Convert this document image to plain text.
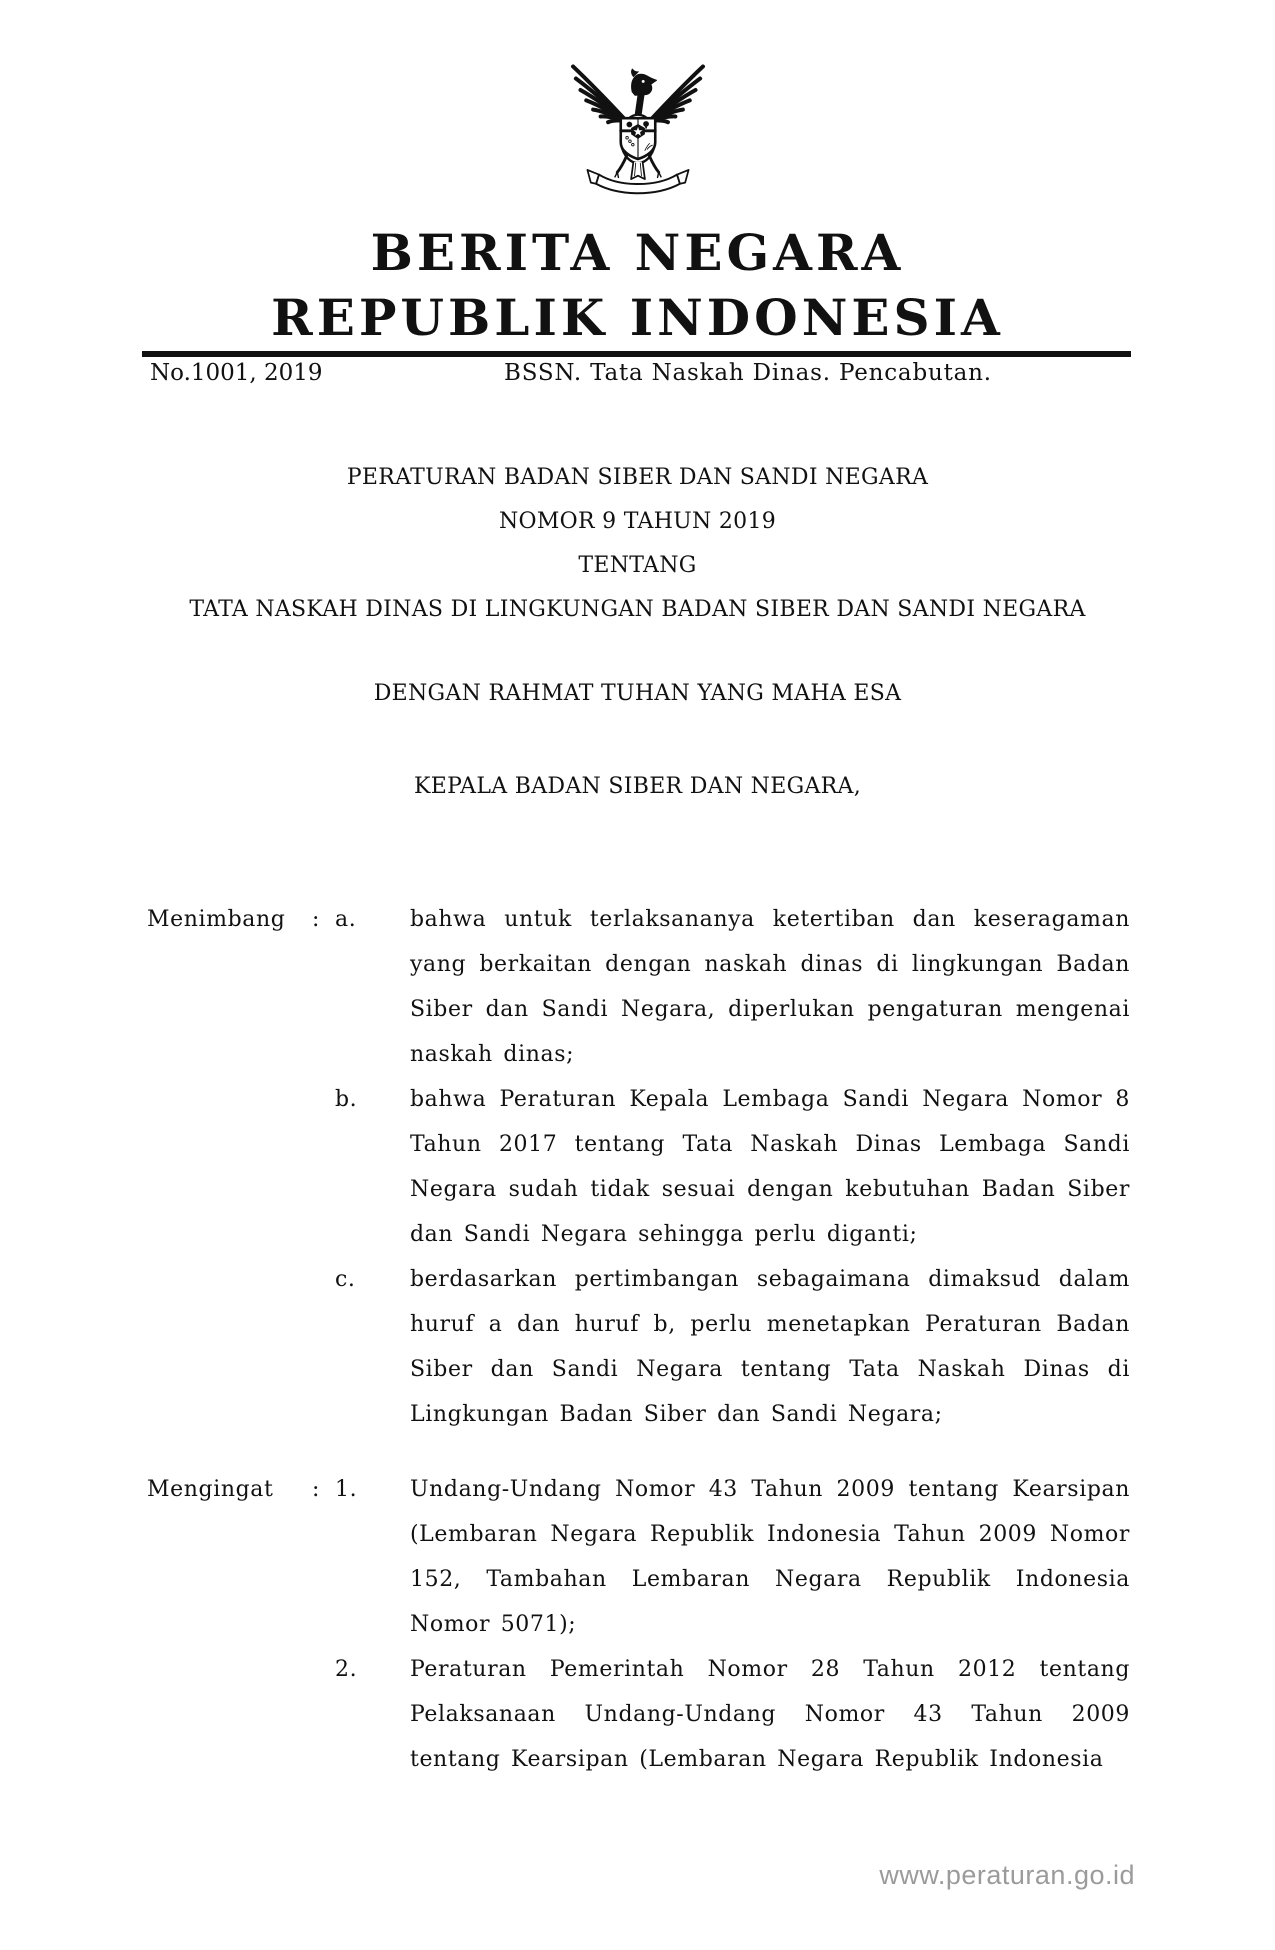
BERITA NEGARA
REPUBLIK INDONESIA
No.1001, 2019	BSSN. Tata Naskah Dinas. Pencabutan.
PERATURAN BADAN SIBER DAN SANDI NEGARA
NOMOR 9 TAHUN 2019
TENTANG
TATA NASKAH DINAS DI LINGKUNGAN BADAN SIBER DAN SANDI NEGARA
DENGAN RAHMAT TUHAN YANG MAHA ESA
KEPALA BADAN SIBER DAN NEGARA,
Menimbang	: a.	bahwa untuk terlaksananya ketertiban dan keseragaman yang berkaitan dengan naskah dinas di lingkungan Badan Siber dan Sandi Negara, diperlukan pengaturan mengenai naskah dinas;
b.	bahwa Peraturan Kepala Lembaga Sandi Negara Nomor 8 Tahun 2017 tentang Tata Naskah Dinas Lembaga Sandi Negara sudah tidak sesuai dengan kebutuhan Badan Siber dan Sandi Negara sehingga perlu diganti;
c.	berdasarkan pertimbangan sebagaimana dimaksud dalam huruf a dan huruf b, perlu menetapkan Peraturan Badan Siber dan Sandi Negara tentang Tata Naskah Dinas di Lingkungan Badan Siber dan Sandi Negara;
Mengingat	: 1.	Undang-Undang Nomor 43 Tahun 2009 tentang Kearsipan (Lembaran Negara Republik Indonesia Tahun 2009 Nomor 152, Tambahan Lembaran Negara Republik Indonesia Nomor 5071);
2.	Peraturan Pemerintah Nomor 28 Tahun 2012 tentang Pelaksanaan Undang-Undang Nomor 43 Tahun 2009 tentang Kearsipan (Lembaran Negara Republik Indonesia
www.peraturan.go.id
